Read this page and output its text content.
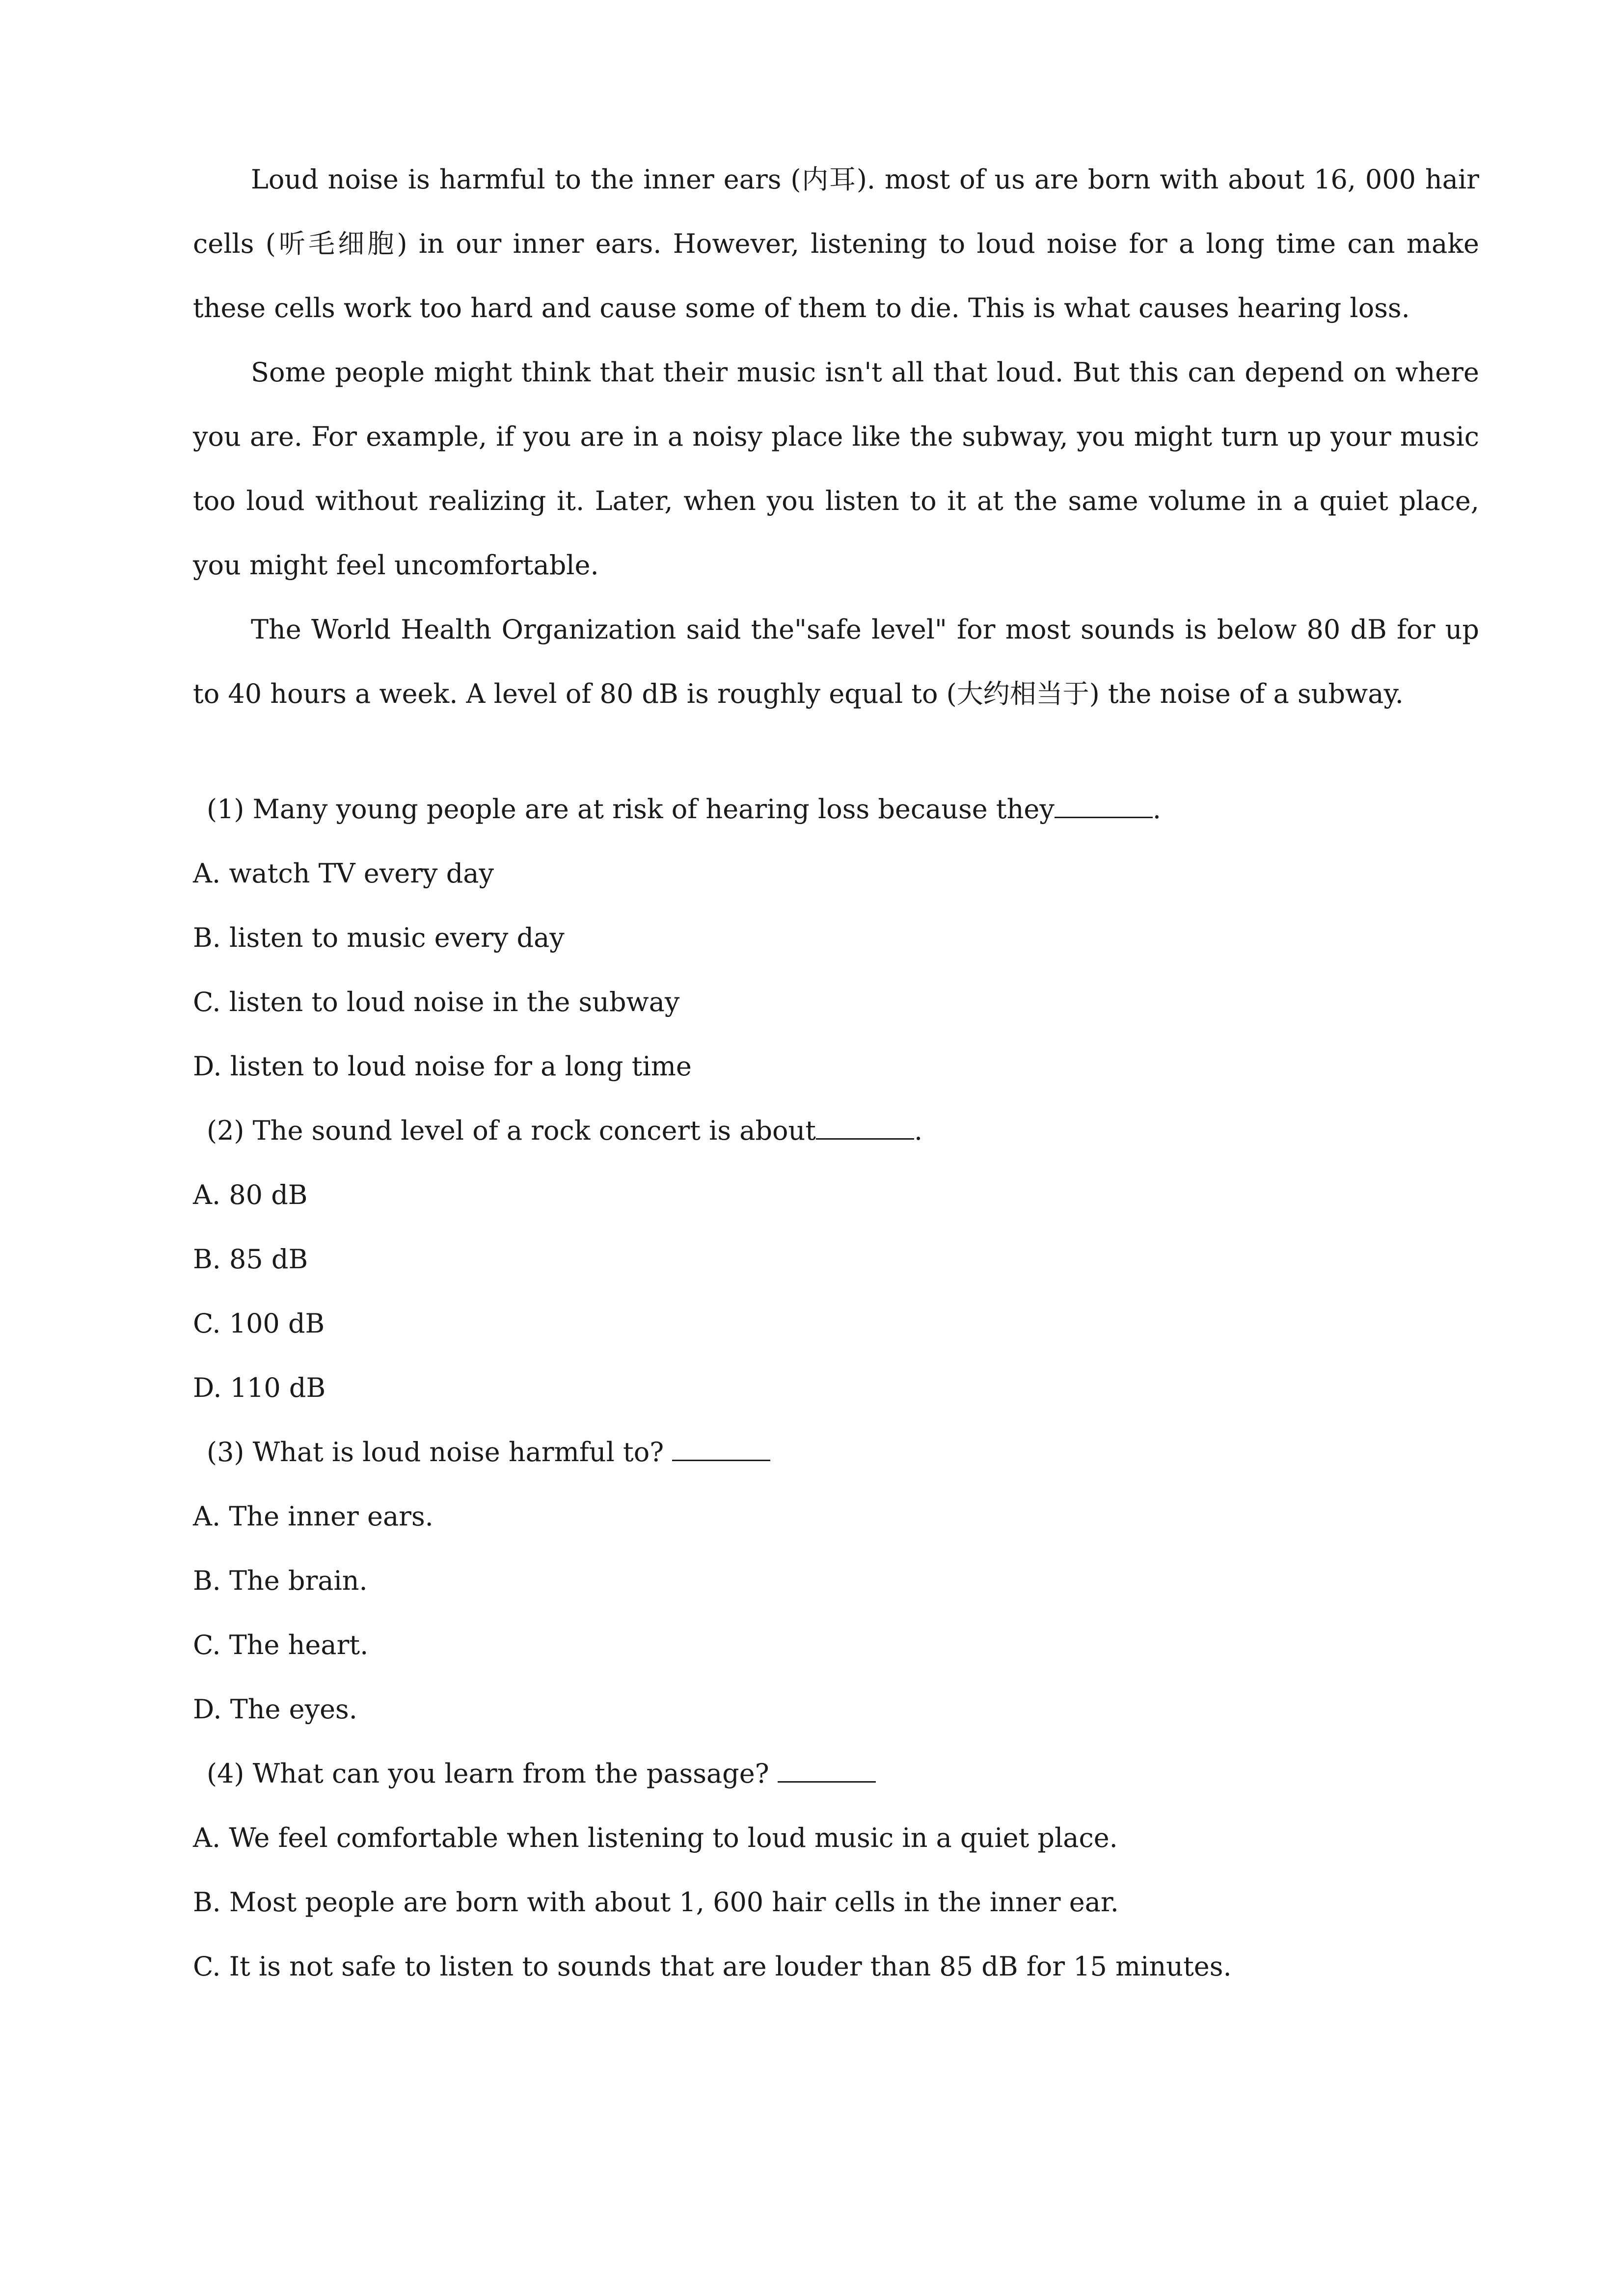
Loud noise is harmful to the inner ears (内耳). most of us are born with about 16, 000 hair cells (听毛细胞) in our inner ears. However, listening to loud noise for a long time can make these cells work too hard and cause some of them to die. This is what causes hearing loss.

Some people might think that their music isn't all that loud. But this can depend on where you are. For example, if you are in a noisy place like the subway, you might turn up your music too loud without realizing it. Later, when you listen to it at the same volume in a quiet place, you might feel uncomfortable.

The World Health Organization said the"safe level" for most sounds is below 80 dB for up to 40 hours a week. A level of 80 dB is roughly equal to (大约相当于) the noise of a subway.

(1) Many young people are at risk of hearing loss because they	.

A. watch TV every day

B. listen to music every day

C. listen to loud noise in the subway

D. listen to loud noise for a long time

(2) The sound level of a rock concert is about	.

A. 80 dB

B. 85 dB

C. 100 dB

D. 110 dB

(3) What is loud noise harmful to?

A. The inner ears.

B. The brain.

C. The heart.

D. The eyes.

(4) What can you learn from the passage?

A. We feel comfortable when listening to loud music in a quiet place.

B. Most people are born with about 1, 600 hair cells in the inner ear.

C. It is not safe to listen to sounds that are louder than 85 dB for 15 minutes.
